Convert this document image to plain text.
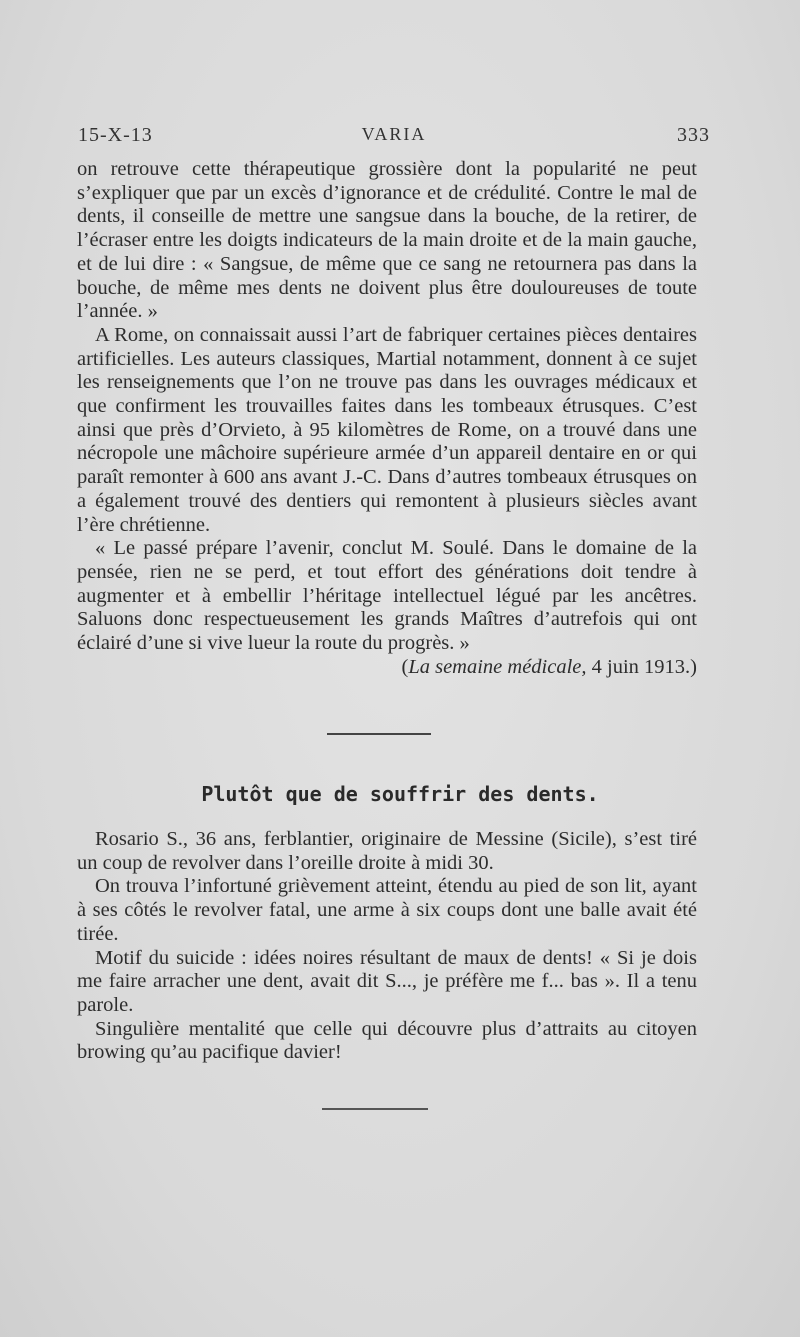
15-X-13	VARIA	333

on retrouve cette thérapeutique grossière dont la popularité ne peut s’expliquer que par un excès d’ignorance et de crédulité. Contre le mal de dents, il conseille de mettre une sangsue dans la bouche, de la retirer, de l’écraser entre les doigts indicateurs de la main droite et de la main gauche, et de lui dire : « Sangsue, de même que ce sang ne retournera pas dans la bouche, de même mes dents ne doivent plus être douloureuses de toute l’année. »

A Rome, on connaissait aussi l’art de fabriquer certaines pièces dentaires artificielles. Les auteurs classiques, Martial notamment, donnent à ce sujet les renseignements que l’on ne trouve pas dans les ouvrages médicaux et que confirment les trouvailles faites dans les tombeaux étrusques. C’est ainsi que près d’Orvieto, à 95 kilomètres de Rome, on a trouvé dans une nécropole une mâchoire supérieure armée d’un appareil dentaire en or qui paraît remonter à 600 ans avant J.-C. Dans d’autres tombeaux étrusques on a également trouvé des dentiers qui remontent à plusieurs siècles avant l’ère chrétienne.

« Le passé prépare l’avenir, conclut M. Soulé. Dans le domaine de la pensée, rien ne se perd, et tout effort des générations doit tendre à augmenter et à embellir l’héritage intellectuel légué par les ancêtres. Saluons donc respectueusement les grands Maîtres d’autrefois qui ont éclairé d’une si vive lueur la route du progrès. »

(La semaine médicale, 4 juin 1913.)

Plutôt que de souffrir des dents.

Rosario S., 36 ans, ferblantier, originaire de Messine (Sicile), s’est tiré un coup de revolver dans l’oreille droite à midi 30.

On trouva l’infortuné grièvement atteint, étendu au pied de son lit, ayant à ses côtés le revolver fatal, une arme à six coups dont une balle avait été tirée.

Motif du suicide : idées noires résultant de maux de dents! « Si je dois me faire arracher une dent, avait dit S..., je préfère me f... bas ». Il a tenu parole.

Singulière mentalité que celle qui découvre plus d’attraits au citoyen browing qu’au pacifique davier!
